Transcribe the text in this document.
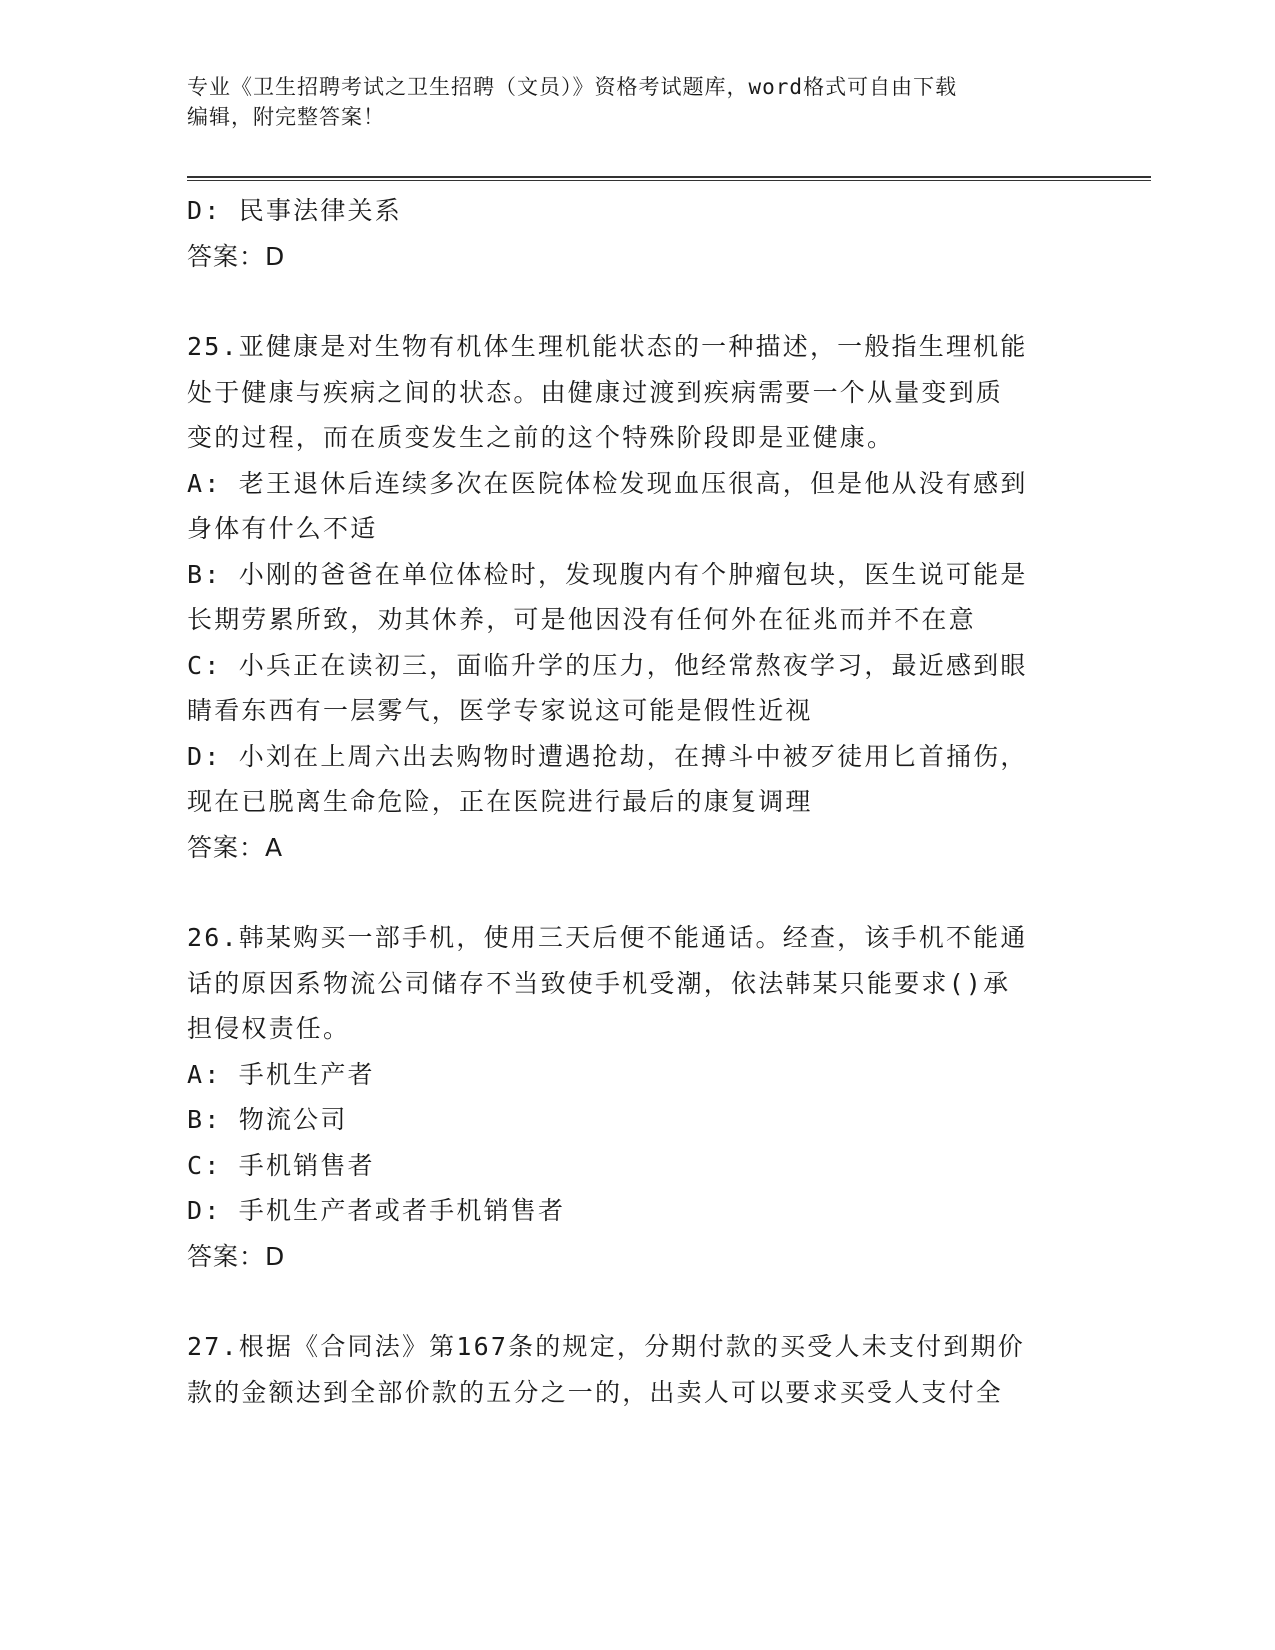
专业《卫生招聘考试之卫生招聘（文员）》资格考试题库，word格式可自由下载
编辑，附完整答案！
D: 民事法律关系
答案：D
25.亚健康是对生物有机体生理机能状态的一种描述，一般指生理机能
处于健康与疾病之间的状态。由健康过渡到疾病需要一个从量变到质
变的过程，而在质变发生之前的这个特殊阶段即是亚健康。
A: 老王退休后连续多次在医院体检发现血压很高，但是他从没有感到
身体有什么不适
B: 小刚的爸爸在单位体检时，发现腹内有个肿瘤包块，医生说可能是
长期劳累所致，劝其休养，可是他因没有任何外在征兆而并不在意
C: 小兵正在读初三，面临升学的压力，他经常熬夜学习，最近感到眼
睛看东西有一层雾气，医学专家说这可能是假性近视
D: 小刘在上周六出去购物时遭遇抢劫，在搏斗中被歹徒用匕首捅伤，
现在已脱离生命危险，正在医院进行最后的康复调理
答案：A
26.韩某购买一部手机，使用三天后便不能通话。经查，该手机不能通
话的原因系物流公司储存不当致使手机受潮，依法韩某只能要求()承
担侵权责任。
A: 手机生产者
B: 物流公司
C: 手机销售者
D: 手机生产者或者手机销售者
答案：D
27.根据《合同法》第167条的规定，分期付款的买受人未支付到期价
款的金额达到全部价款的五分之一的，出卖人可以要求买受人支付全
